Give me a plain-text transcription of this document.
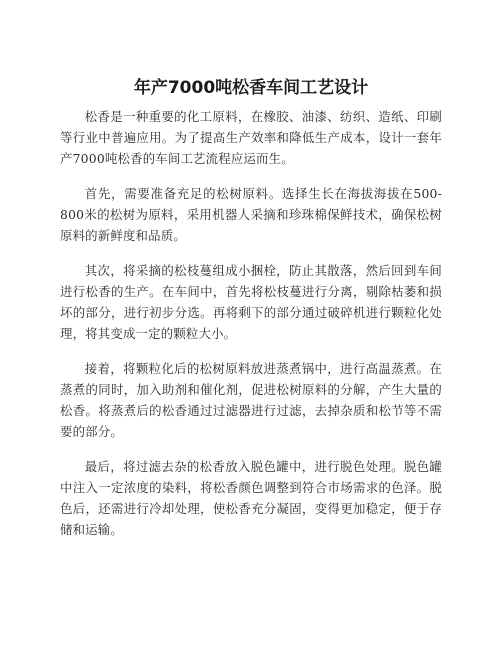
年产7000吨松香车间工艺设计

松香是一种重要的化工原料，在橡胶、油漆、纺织、造纸、印刷等行业中普遍应用。为了提高生产效率和降低生产成本，设计一套年产7000吨松香的车间工艺流程应运而生。

首先，需要准备充足的松树原料。选择生长在海拔海拔在500-800米的松树为原料，采用机器人采摘和珍珠棉保鲜技术，确保松树原料的新鲜度和品质。

其次，将采摘的松枝蔓组成小捆栓，防止其散落，然后回到车间进行松香的生产。在车间中，首先将松枝蔓进行分离，剔除枯萎和损坏的部分，进行初步分选。再将剩下的部分通过破碎机进行颗粒化处理，将其变成一定的颗粒大小。

接着，将颗粒化后的松树原料放进蒸煮锅中，进行高温蒸煮。在蒸煮的同时，加入助剂和催化剂，促进松树原料的分解，产生大量的松香。将蒸煮后的松香通过过滤器进行过滤，去掉杂质和松节等不需要的部分。

最后，将过滤去杂的松香放入脱色罐中，进行脱色处理。脱色罐中注入一定浓度的染料，将松香颜色调整到符合市场需求的色泽。脱色后，还需进行冷却处理，使松香充分凝固，变得更加稳定，便于存储和运输。
